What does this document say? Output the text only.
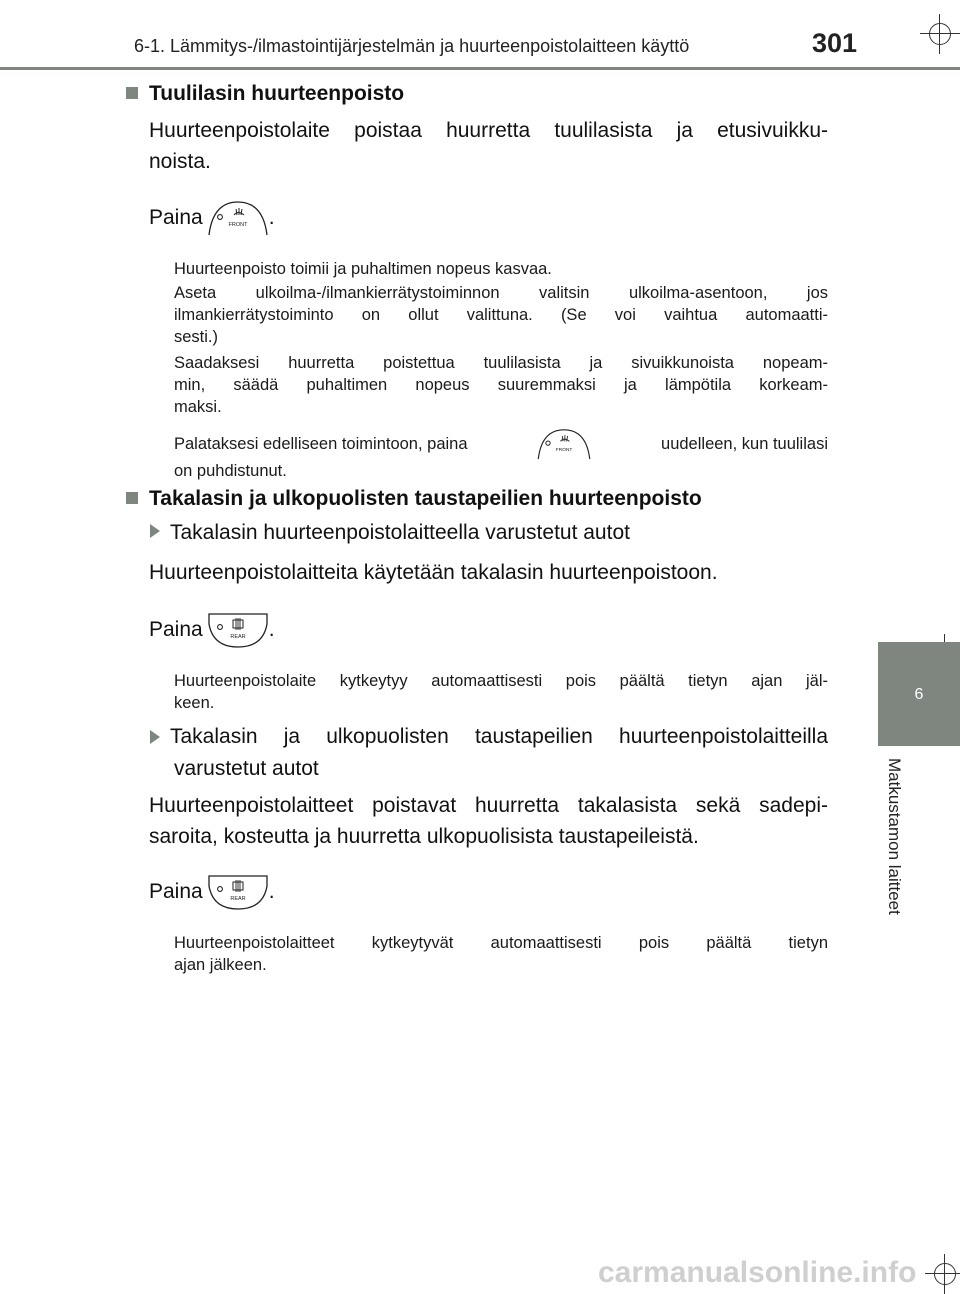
6-1. Lämmitys-/ilmastointijärjestelmän ja huurteenpoistolaitteen käyttö	301
6
Matkustamon laitteet
Tuulilasin huurteenpoisto
Huurteenpoistolaite poistaa huurretta tuulilasista ja etusivuikku-
noista.
Paina	FRONT .
Huurteenpoisto toimii ja puhaltimen nopeus kasvaa.
Aseta ulkoilma-/ilmankierrätystoiminnon valitsin ulkoilma-asentoon, jos
ilmankierrätystoiminto on ollut valittuna. (Se voi vaihtua automaatti-
sesti.)
Saadaksesi huurretta poistettua tuulilasista ja sivuikkunoista nopeam-
min, säädä puhaltimen nopeus suuremmaksi ja lämpötila korkeam-
maksi.
Palataksesi edelliseen toimintoon, paina	FRONT	uudelleen, kun tuulilasi
on puhdistunut.
Takalasin ja ulkopuolisten taustapeilien huurteenpoisto
Takalasin huurteenpoistolaitteella varustetut autot
Huurteenpoistolaitteita käytetään takalasin huurteenpoistoon.
Paina	REAR .
Huurteenpoistolaite kytkeytyy automaattisesti pois päältä tietyn ajan jäl-
keen.
Takalasin ja ulkopuolisten taustapeilien huurteenpoistolaitteilla
varustetut autot
Huurteenpoistolaitteet poistavat huurretta takalasista sekä sadepi-
saroita, kosteutta ja huurretta ulkopuolisista taustapeileistä.
Paina	REAR .
Huurteenpoistolaitteet kytkeytyvät automaattisesti pois päältä tietyn
ajan jälkeen.
carmanualsonline.info
